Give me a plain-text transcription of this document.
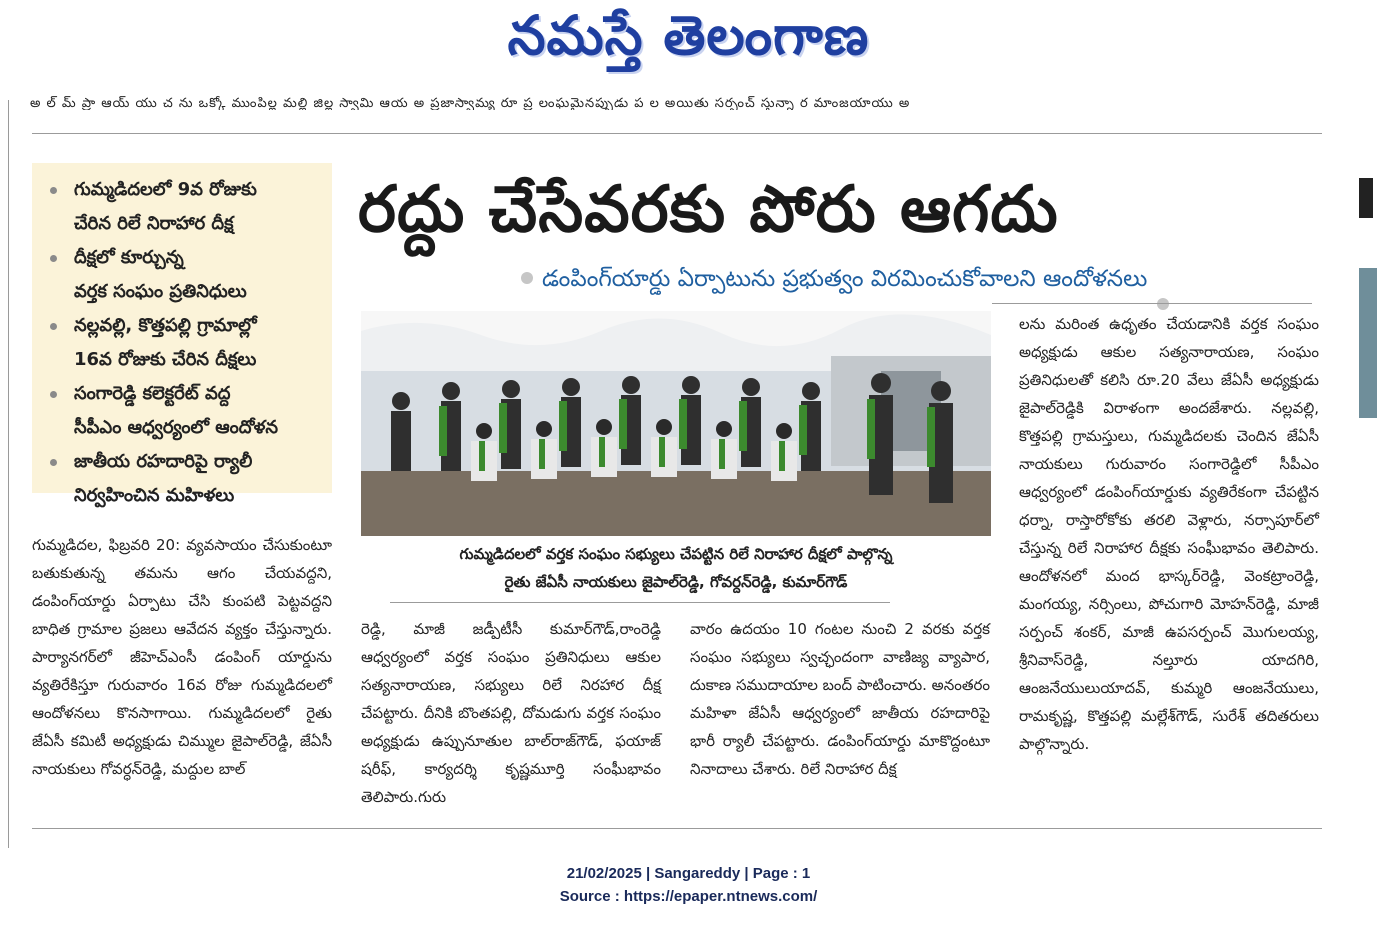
నమస్తే తెలంగాణ
అ ల్ మ్ ప్రా ఆయ్ యు చ ను ఒక్కో ముంపిల్ల మల్లి జిల్ల స్వామి ఆయ అ ప్రజాస్వామ్య రూ ప్ర లంఘమైనప్పుడు ప ల అయితు సర్పంచ్ స్తున్నా ర మాంజయాయు అ
గుమ్మడిదలలో 9వ రోజుకు
చేరిన రిలే నిరాహార దీక్ష
దీక్షలో కూర్చున్న
వర్తక సంఘం ప్రతినిధులు
నల్లవల్లి, కొత్తపల్లి గ్రామాల్లో
16వ రోజుకు చేరిన దీక్షలు
సంగారెడ్డి కలెక్టరేట్ వద్ద
సీపీఎం ఆధ్వర్యంలో ఆందోళన
జాతీయ రహదారిపై ర్యాలీ
నిర్వహించిన మహిళలు
రద్దు చేసేవరకు పోరు ఆగదు
డంపింగ్‌యార్డు ఏర్పాటును ప్రభుత్వం విరమించుకోవాలని ఆందోళనలు
గుమ్మడిదలలో వర్తక సంఘం సభ్యులు చేపట్టిన రిలే నిరాహార దీక్షలో పాల్గొన్న
రైతు జేఏసీ నాయకులు జైపాల్‌రెడ్డి, గోవర్దన్‌రెడ్డి, కుమార్‌గౌడ్

గుమ్మడిదల, ఫిబ్రవరి 20: వ్యవసాయం చేసుకుంటూ బతుకుతున్న తమను ఆగం చేయవద్దని, డంపింగ్‌యార్డు ఏర్పాటు చేసి కుంపటి పెట్టవద్దని బాధిత గ్రామాల ప్రజలు ఆవేదన వ్యక్తం చేస్తున్నారు. పార్యానగర్‌లో జీహెచ్ఎంసీ డంపింగ్ యార్డును వ్యతిరేకిస్తూ గురువారం 16వ రోజు గుమ్మడిదలలో ఆందోళనలు కొనసాగాయి. గుమ్మడిదలలో రైతు జేఏసీ కమిటీ అధ్యక్షుడు చిమ్ముల జైపాల్‌రెడ్డి, జేఏసీ నాయకులు గోవర్ధన్‌రెడ్డి, మద్దుల బాల్

రెడ్డి, మాజీ జడ్పీటీసీ కుమార్‌గౌడ్,రాంరెడ్డి ఆధ్వర్యంలో వర్తక సంఘం ప్రతినిధులు ఆకుల సత్యనారాయణ, సభ్యులు రిలే నిరహార దీక్ష చేపట్టారు. దీనికి బొంతపల్లి, దోమడుగు వర్తక సంఘం అధ్యక్షుడు ఉప్పునూతుల బాల్‌రాజ్‌గౌడ్, ఫయాజ్ షరీఫ్, కార్యదర్శి కృష్ణమూర్తి సంఘీభావం తెలిపారు.గురు

వారం ఉదయం 10 గంటల నుంచి 2 వరకు వర్తక సంఘం సభ్యులు స్వచ్ఛందంగా వాణిజ్య వ్యాపార, దుకాణ సముదాయాల బంద్ పాటించారు. అనంతరం మహిళా జేఏసీ ఆధ్వర్యంలో జాతీయ రహదారిపై భారీ ర్యాలీ చేపట్టారు. డంపింగ్‌యార్డు మాకొద్దంటూ నినాదాలు చేశారు. రిలే నిరాహార దీక్ష

లను మరింత ఉధృతం చేయడానికి వర్తక సంఘం అధ్యక్షుడు ఆకుల సత్యనారాయణ, సంఘం ప్రతినిధులతో కలిసి రూ.20 వేలు జేఏసీ అధ్యక్షుడు జైపాల్‌రెడ్డికి విరాళంగా అందజేశారు. నల్లవల్లి, కొత్తపల్లి గ్రామస్తులు, గుమ్మడిదలకు చెందిన జేఏసీ నాయకులు గురువారం సంగారెడ్డిలో సీపీఎం ఆధ్వర్యంలో డంపింగ్‌యార్డుకు వ్యతిరేకంగా చేపట్టిన ధర్నా, రాస్తారోకోకు తరలి వెళ్లారు, నర్సాపూర్‌లో చేస్తున్న రిలే నిరాహార దీక్షకు సంఘీభావం తెలిపారు. ఆందోళనలో మంద భాస్కర్‌రెడ్డి, వెంకట్రాంరెడ్డి, మంగయ్య, నర్సింలు, పోచుగారి మోహన్‌రెడ్డి, మాజీ సర్పంచ్ శంకర్, మాజీ ఉపసర్పంచ్ మొగులయ్య, శ్రీనివాస్‌రెడ్డి, నల్తూరు యాదగిరి, ఆంజనేయులుయాదవ్, కుమ్మరి ఆంజనేయులు, రామకృష్ణ, కొత్తపల్లి మల్లేశ్‌గౌడ్, సురేశ్ తదితరులు పాల్గొన్నారు.

21/02/2025 | Sangareddy | Page : 1
Source : https://epaper.ntnews.com/
